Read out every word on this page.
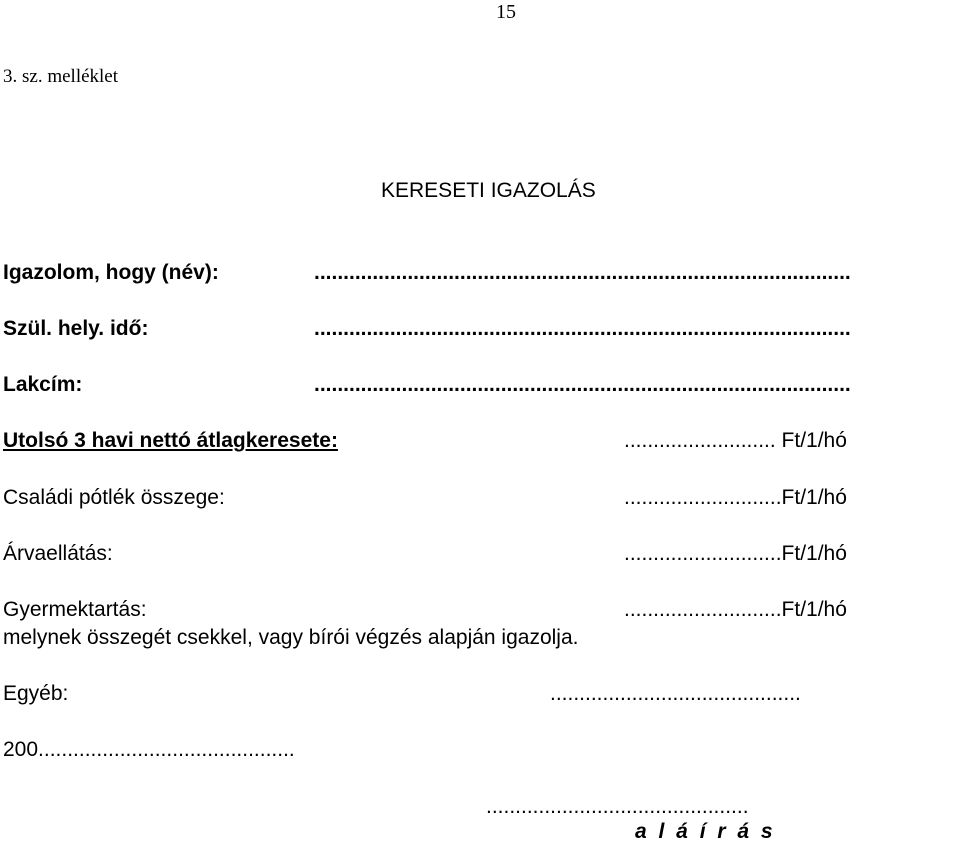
15
3. sz. melléklet
KERESETI IGAZOLÁS
Igazolom, hogy (név):	............................................................................................
Szül. hely. idő:	............................................................................................
Lakcím:	............................................................................................
Utolsó 3 havi nettó átlagkeresete:	.......................... Ft/1/hó
Családi pótlék összege:	...........................Ft/1/hó
Árvaellátás:	...........................Ft/1/hó
Gyermektartás:	...........................Ft/1/hó
melynek összegét csekkel, vagy bírói végzés alapján igazolja.
Egyéb:	...........................................
200............................................
.............................................
a l á í r á s
